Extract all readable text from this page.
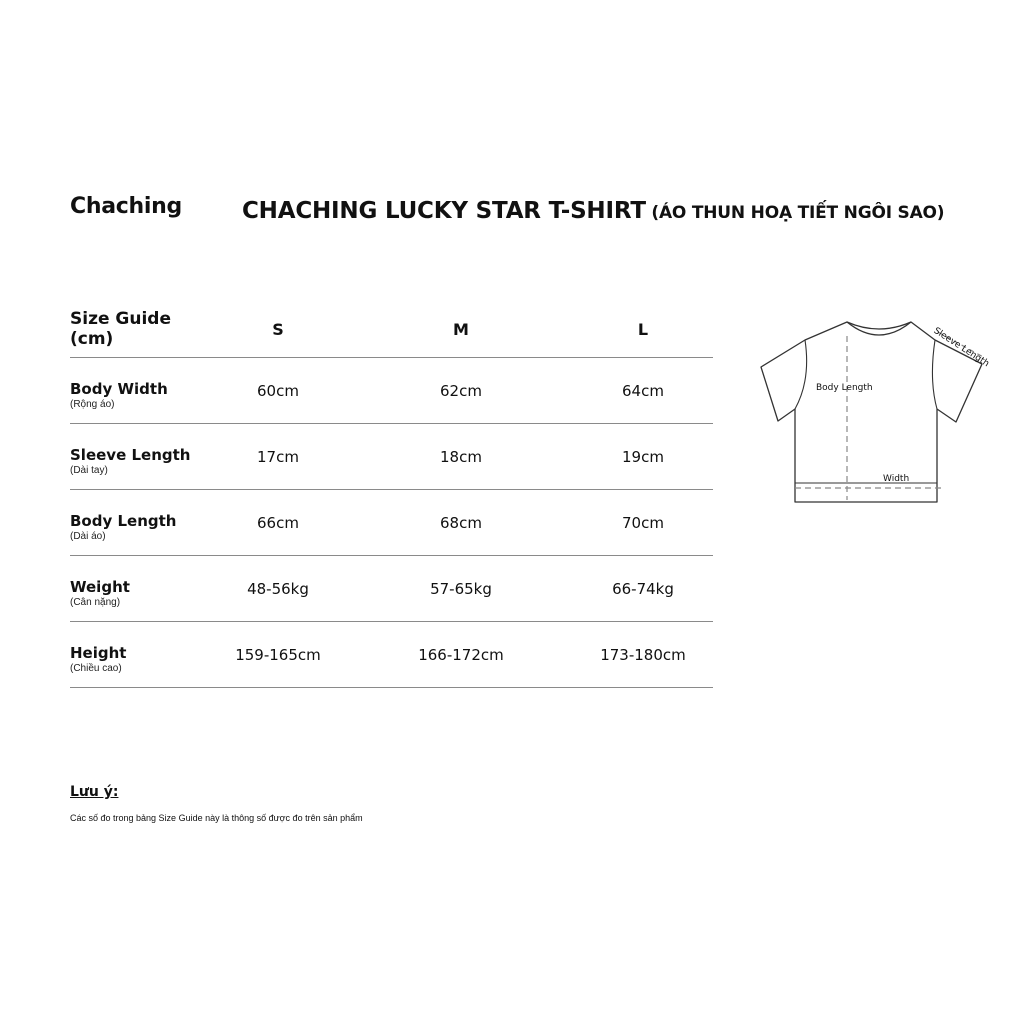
Chaching	CHACHING LUCKY STAR T-SHIRT (ÁO THUN HOẠ TIẾT NGÔI SAO)
Size Guide
(cm)	S	M	L
Body Width
(Rộng áo)
60cm	62cm	64cm
Sleeve Length
(Dài tay)
17cm	18cm	19cm
Body Length
(Dài áo)
66cm	68cm	70cm
Weight
(Cân nặng)
48-56kg	57-65kg	66-74kg
Height
(Chiều cao)
159-165cm	166-172cm	173-180cm
Body Length
Width
Sleeve Length
Lưu ý:
Các số đo trong bảng Size Guide này là thông số được đo trên sản phẩm
